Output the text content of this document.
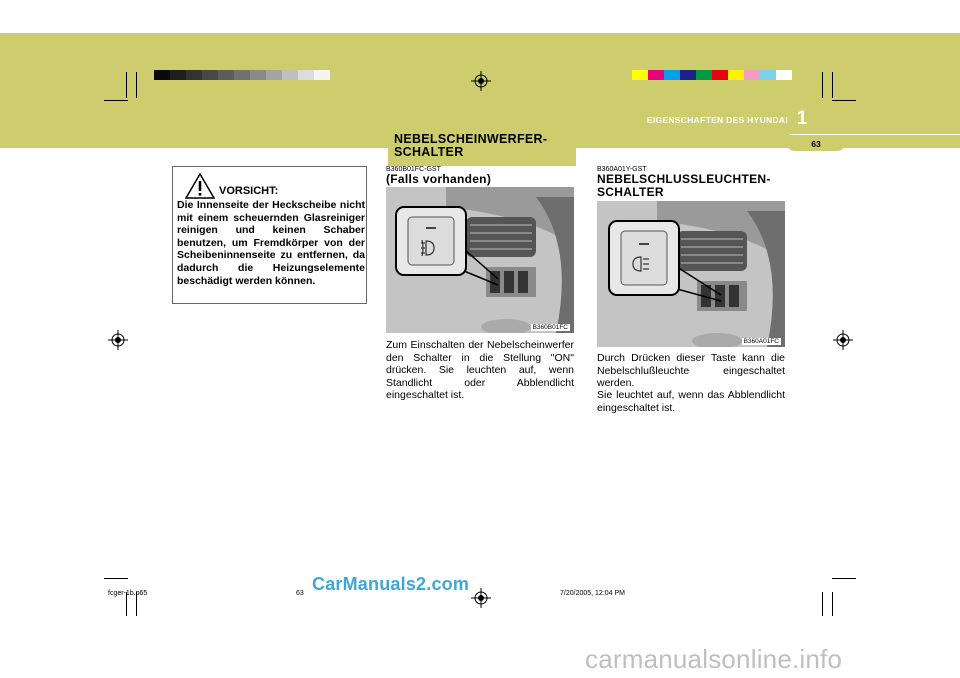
1
EIGENSCHAFTEN DES HYUNDAI
63
VORSICHT:
Die Innenseite der Heckscheibe nicht mit einem scheuernden Glasreiniger reinigen und keinen Schaber benutzen, um Fremdkörper von der Scheibeninnenseite zu entfernen, da dadurch die Heizungselemente beschädigt werden können.
NEBELSCHEINWERFER-SCHALTER
B360B01FC-GST
(Falls vorhanden)
B360B01FC
Zum Einschalten der Nebelscheinwerfer den Schalter in die Stellung "ON" drücken. Sie leuchten auf, wenn Standlicht oder Abblendlicht eingeschaltet ist.
B360A01Y-GST
NEBELSCHLUSSLEUCHTEN-SCHALTER
B360A01FC
Durch Drücken dieser Taste kann die Nebelschlußleuchte eingeschaltet werden.
Sie leuchtet auf, wenn das Abblendlicht eingeschaltet ist.
fcger-1b.p65	63	7/20/2005, 12:04 PM
CarManuals2.com
carmanualsonline.info
